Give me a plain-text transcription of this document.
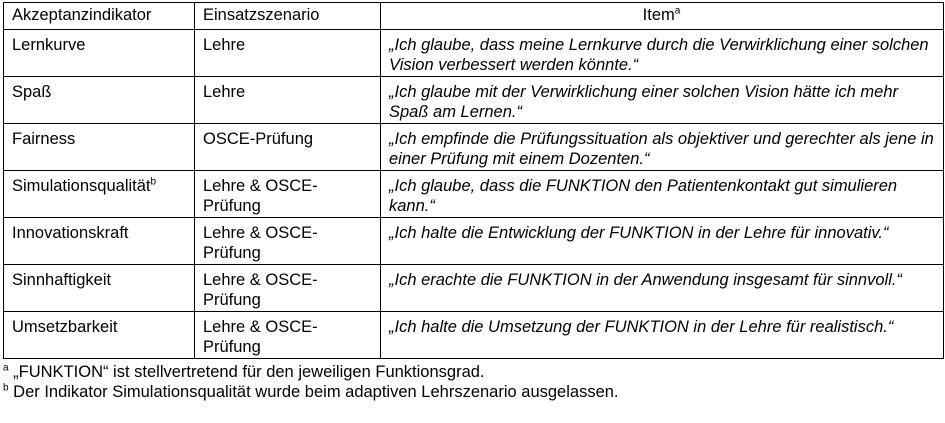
Akzeptanzindikator	Einsatzszenario	Item$^a$
Lernkurve	Lehre	„Ich glaube, dass meine Lernkurve durch die Verwirklichung einer solchen Vision verbessert werden könnte.“
Spaß	Lehre	„Ich glaube mit der Verwirklichung einer solchen Vision hätte ich mehr Spaß am Lernen.“
Fairness	OSCE-Prüfung	„Ich empfinde die Prüfungssituation als objektiver und gerechter als jene in einer Prüfung mit einem Dozenten.“
Simulationsqualität$^b$	Lehre & OSCE-Prüfung	„Ich glaube, dass die FUNKTION den Patientenkontakt gut simulieren kann.“
Innovationskraft	Lehre & OSCE-Prüfung	„Ich halte die Entwicklung der FUNKTION in der Lehre für innovativ.“
Sinnhaftigkeit	Lehre & OSCE-Prüfung	„Ich erachte die FUNKTION in der Anwendung insgesamt für sinnvoll.“
Umsetzbarkeit	Lehre & OSCE-Prüfung	„Ich halte die Umsetzung der FUNKTION in der Lehre für realistisch.“
$^a$ „FUNKTION“ ist stellvertretend für den jeweiligen Funktionsgrad.
$^b$ Der Indikator Simulationsqualität wurde beim adaptiven Lehrszenario ausgelassen.
